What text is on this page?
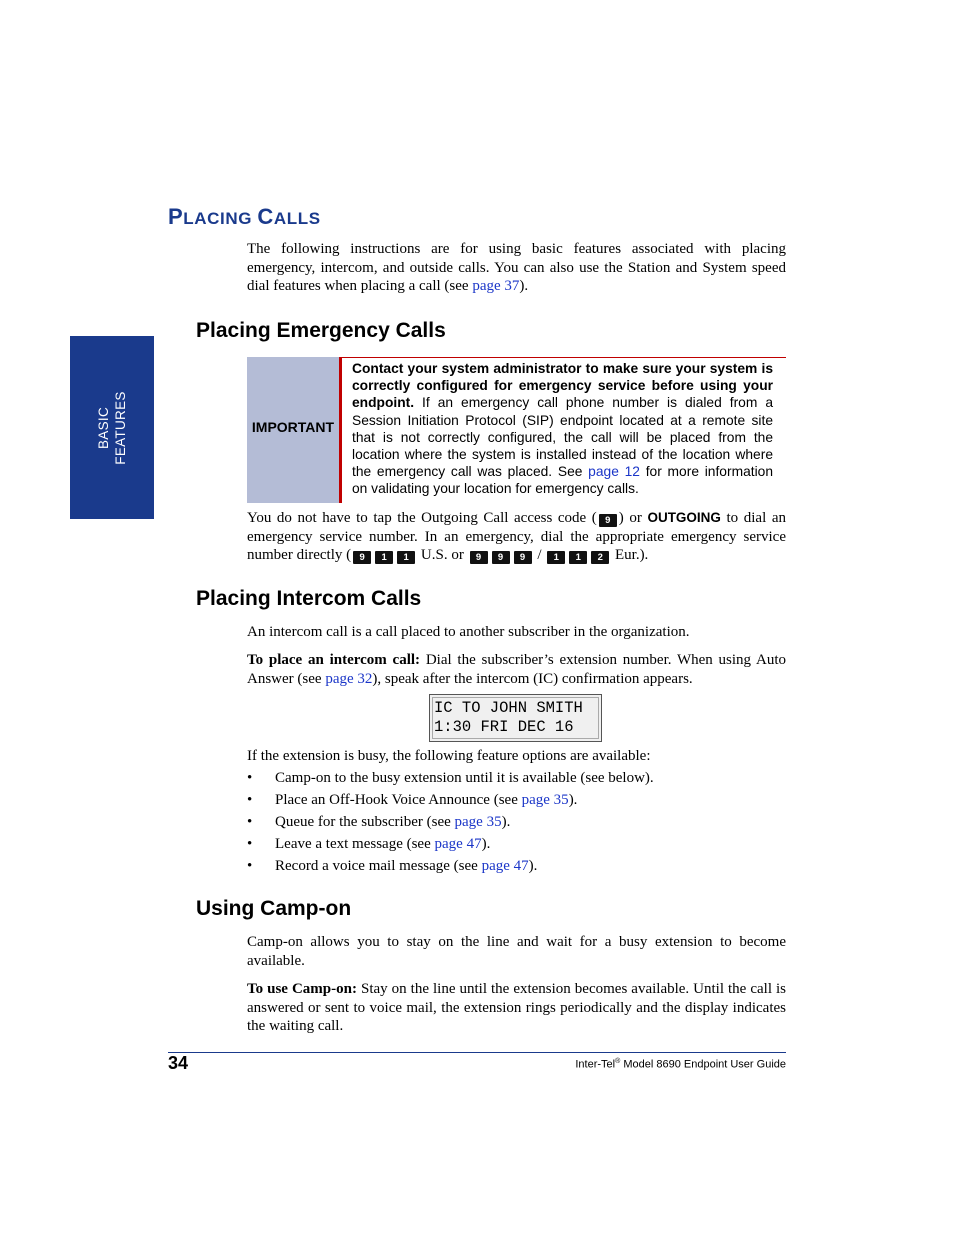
BASIC FEATURES
PLACING CALLS
The following instructions are for using basic features associated with placing emergency, intercom, and outside calls. You can also use the Station and System speed dial features when placing a call (see page 37).
Placing Emergency Calls
IMPORTANT
Contact your system administrator to make sure your system is correctly configured for emergency service before using your endpoint. If an emergency call phone number is dialed from a Session Initiation Protocol (SIP) endpoint located at a remote site that is not correctly configured, the call will be placed from the location where the system is installed instead of the location where the emergency call was placed. See page 12 for more information on validating your location for emergency calls.
You do not have to tap the Outgoing Call access code ( 9 ) or OUTGOING to dial an emergency service number. In an emergency, dial the appropriate emergency service number directly ( 9 1 1 U.S. or 9 9 9 / 1 1 2 Eur.).
Placing Intercom Calls
An intercom call is a call placed to another subscriber in the organization.
To place an intercom call: Dial the subscriber’s extension number. When using Auto Answer (see page 32), speak after the intercom (IC) confirmation appears.
IC TO JOHN SMITH
1:30 FRI DEC 16
If the extension is busy, the following feature options are available:
• Camp-on to the busy extension until it is available (see below).
• Place an Off-Hook Voice Announce (see page 35).
• Queue for the subscriber (see page 35).
• Leave a text message (see page 47).
• Record a voice mail message (see page 47).
Using Camp-on
Camp-on allows you to stay on the line and wait for a busy extension to become available.
To use Camp-on: Stay on the line until the extension becomes available. Until the call is answered or sent to voice mail, the extension rings periodically and the display indicates the waiting call.
34	Inter-Tel® Model 8690 Endpoint User Guide
